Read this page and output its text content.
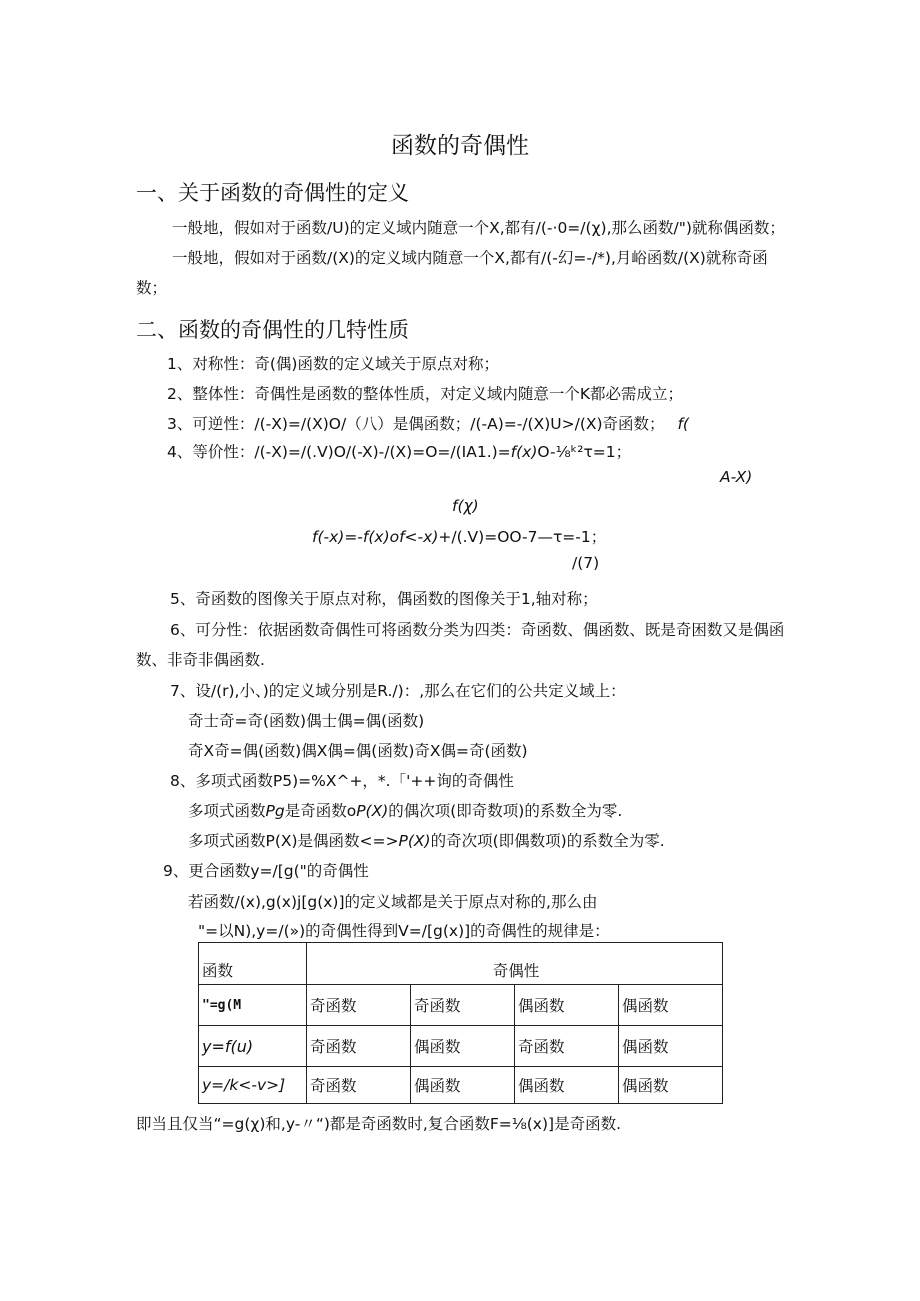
函数的奇偶性
一、关于函数的奇偶性的定义
一般地，假如对于函数/U)的定义域内随意一个X,都有/(-·0=/(χ),那么函数/")就称偶函数；
一般地，假如对于函数/(X)的定义域内随意一个X,都有/(-幻=-/*),月峪函数/(X)就称奇函
数；
二、函数的奇偶性的几特性质
1、对称性：奇(偶)函数的定义域关于原点对称；
2、整体性：奇偶性是函数的整体性质，对定义域内随意一个K都必需成立；
3、可逆性：/(-X)=/(X)O/（八）是偶函数；/(-A)=-/(X)U>/(X)奇函数； f(
4、等价性：/(-X)=/(.V)O/(-X)-/(X)=O=/(IA1.)=f(x)O-⅛ᵏ²τ=1；
A-X)
f(χ)
f(-x)=-f(x)of<-x)+/(.V)=OO-7—τ=-1；
/(7)
5、奇函数的图像关于原点对称，偶函数的图像关于1,轴对称；
6、可分性：依据函数奇偶性可将函数分类为四类：奇函数、偶函数、既是奇困数又是偶函
数、非奇非偶函数.
7、设/(r),小、)的定义域分别是R./)：,那么在它们的公共定义域上：
奇士奇=奇(函数)偶士偶=偶(函数)
奇X奇=偶(函数)偶X偶=偶(函数)奇X偶=奇(函数)
8、多项式函数P5)=%X^+，*.「'++询的奇偶性
多项式函数Pg是奇函数oP(X)的偶次项(即奇数项)的系数全为零.
多项式函数P(X)是偶函数<=>P(X)的奇次项(即偶数项)的系数全为零.
9、更合函数y=/[g("的奇偶性
若函数/(x),g(x)j[g(x)]的定义域都是关于原点对称的,那么由
"=以N),y=/(»)的奇偶性得到V=/[g(x)]的奇偶性的规律是：
函数	奇偶性			
"=g(M	奇函数	奇函数	偶函数	偶函数
y=f(u)	奇函数	偶函数	奇函数	偶函数
y=/k<-v>]	奇函数	偶函数	偶函数	偶函数
即当且仅当“=g(χ)和,y-〃“)都是奇函数时,复合函数F=⅛(x)]是奇函数.
